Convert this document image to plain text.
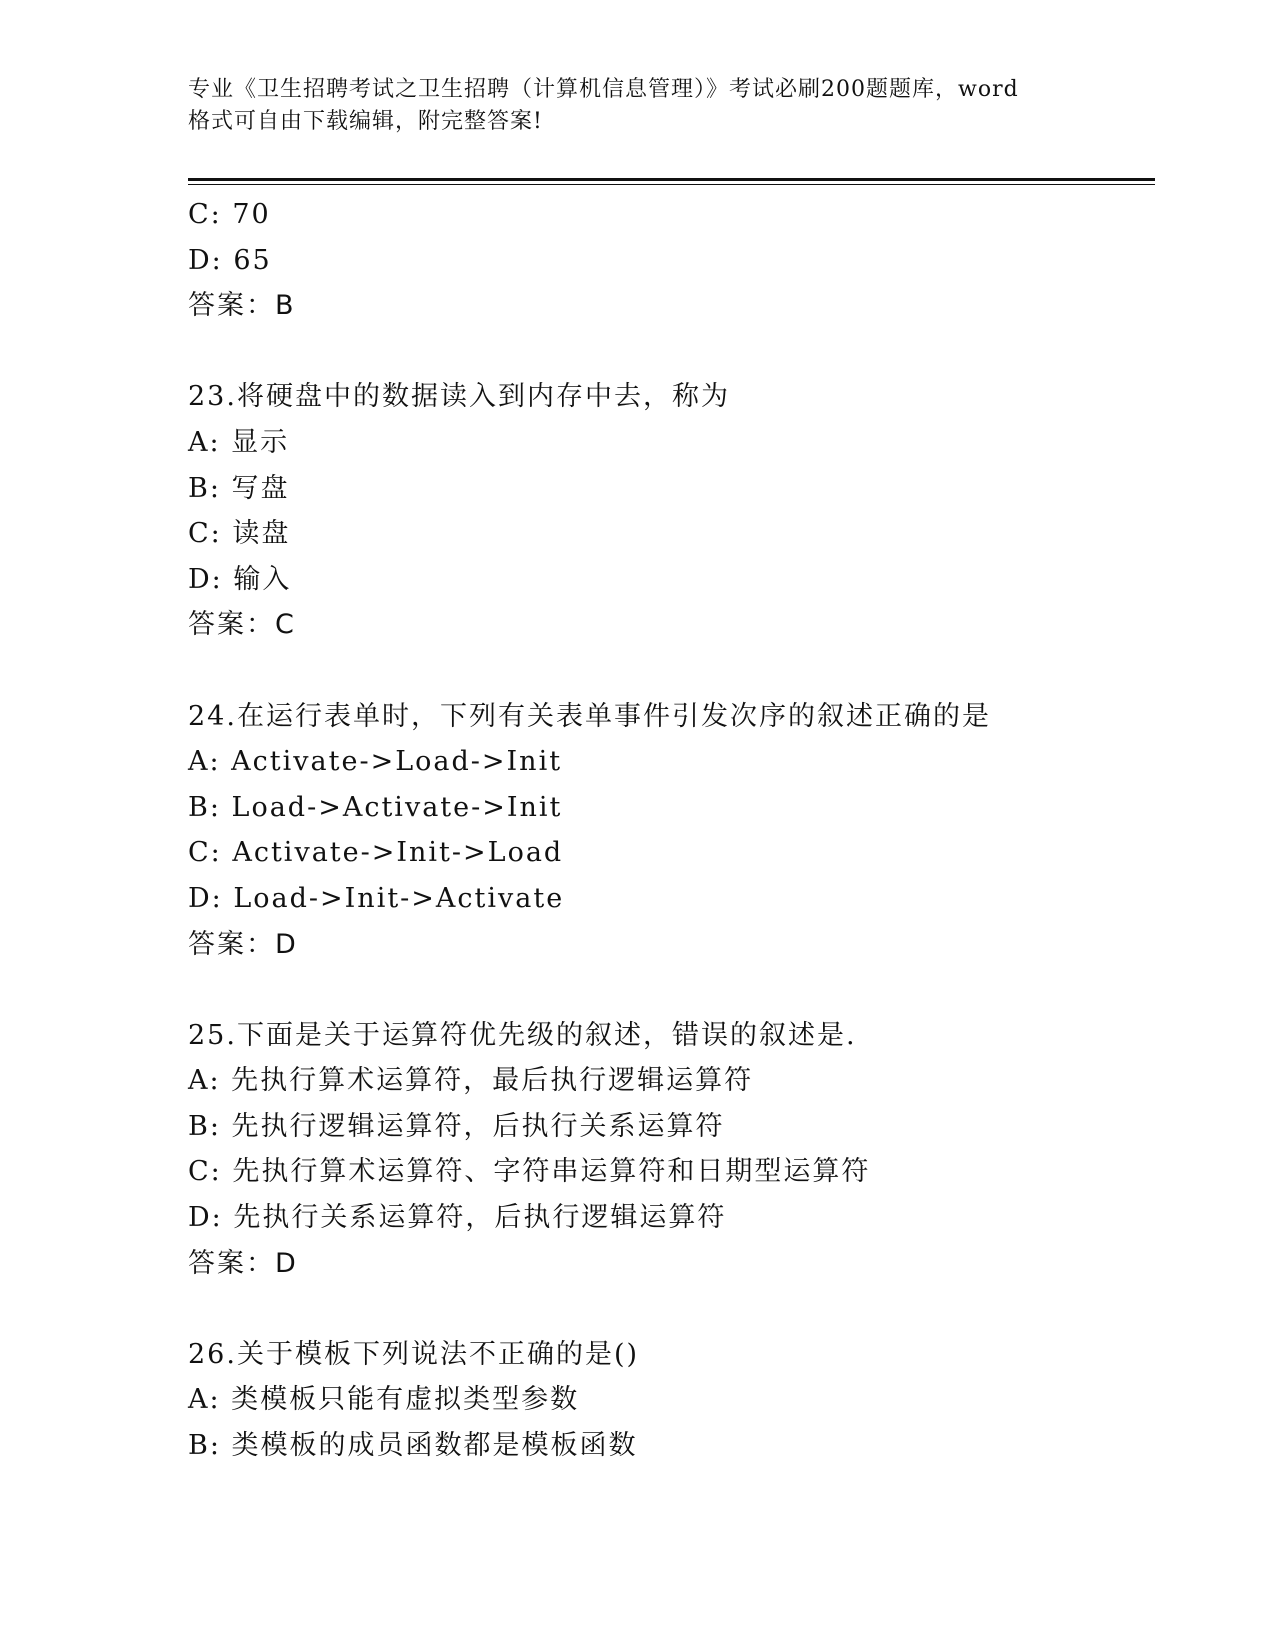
专业《卫生招聘考试之卫生招聘（计算机信息管理）》考试必刷200题题库，word
格式可自由下载编辑，附完整答案!
C: 70
D: 65
答案：B
23.将硬盘中的数据读入到内存中去，称为
A: 显示
B: 写盘
C: 读盘
D: 输入
答案：C
24.在运行表单时，下列有关表单事件引发次序的叙述正确的是
A: Activate->Load->Init
B: Load->Activate->Init
C: Activate->Init->Load
D: Load->Init->Activate
答案：D
25.下面是关于运算符优先级的叙述，错误的叙述是.
A: 先执行算术运算符，最后执行逻辑运算符
B: 先执行逻辑运算符，后执行关系运算符
C: 先执行算术运算符、字符串运算符和日期型运算符
D: 先执行关系运算符，后执行逻辑运算符
答案：D
26.关于模板下列说法不正确的是()
A: 类模板只能有虚拟类型参数
B: 类模板的成员函数都是模板函数
